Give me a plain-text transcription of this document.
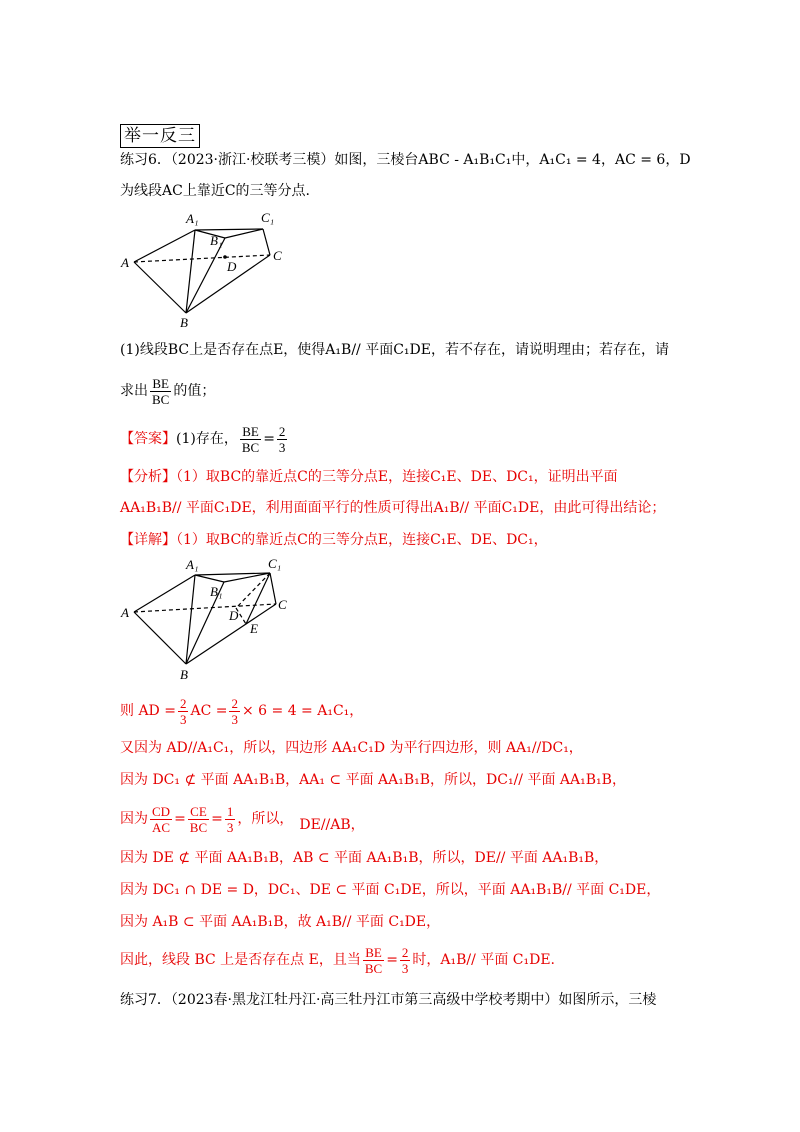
举一反三
练习6．（2023·浙江·校联考三模）如图，三棱台ABC - A₁B₁C₁中，A₁C₁ = 4，AC = 6，D
为线段AC上靠近C的三等分点.
A₁	C₁
B₁
A	C
D
B
(1)线段BC上是否存在点E，使得A₁B// 平面C₁DE，若不存在，请说明理由；若存在，请
求出 $\frac{BE}{BC}$ 的值；
【答案】(1)存在， $\frac{BE}{BC} = \frac{2}{3}$
【分析】（1）取BC的靠近点C的三等分点E，连接C₁E、DE、DC₁，证明出平面
AA₁B₁B// 平面C₁DE，利用面面平行的性质可得出A₁B// 平面C₁DE，由此可得出结论；
【详解】（1）取BC的靠近点C的三等分点E，连接C₁E、DE、DC₁，
A₁	C₁
B₁
A
C
D
E
B
则 AD = $\frac{2}{3}$ AC = $\frac{2}{3} \times 6 = 4 = A_1C_1$，
又因为 AD//A₁C₁，所以，四边形 AA₁C₁D 为平行四边形，则 AA₁//DC₁，
因为 DC₁ ⊄ 平面 AA₁B₁B，AA₁ ⊂ 平面 AA₁B₁B，所以，DC₁// 平面 AA₁B₁B，
因为 $\frac{CD}{AC} = \frac{CE}{BC} = \frac{1}{3}$ ，所以， DE//AB，
因为 DE ⊄ 平面 AA₁B₁B，AB ⊂ 平面 AA₁B₁B，所以，DE// 平面 AA₁B₁B，
因为 DC₁ ∩ DE = D，DC₁、DE ⊂ 平面 C₁DE，所以，平面 AA₁B₁B// 平面 C₁DE，
因为 A₁B ⊂ 平面 AA₁B₁B，故 A₁B// 平面 C₁DE，
因此，线段 BC 上是否存在点 E，且当 $\frac{BE}{BC} = \frac{2}{3}$ 时，A₁B// 平面 C₁DE.
练习7．（2023春·黑龙江牡丹江·高三牡丹江市第三高级中学校考期中）如图所示，三棱
